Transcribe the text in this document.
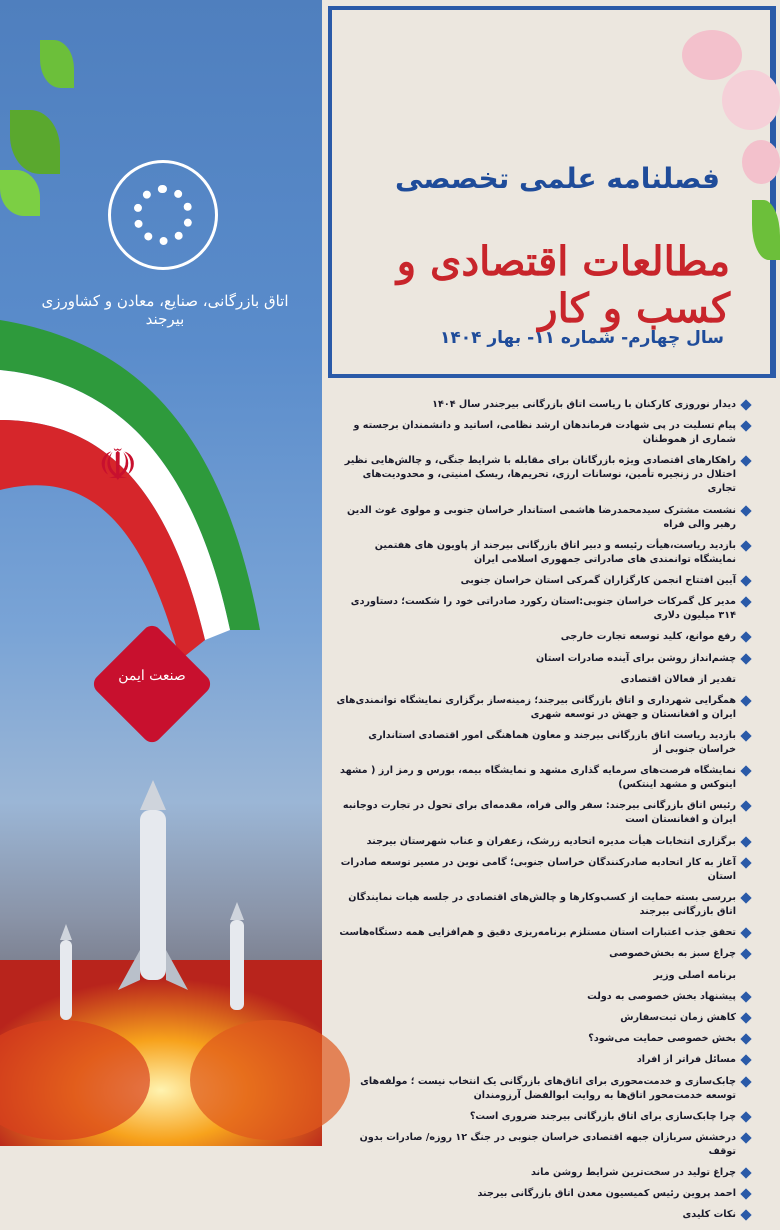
اتاق بازرگانی، صنایع، معادن و کشاورزی بیرجند
☫
صنعت ایمن
فصلنامه علمی تخصصی
مطالعات اقتصادی و کسب و کار
سال چهارم- شماره ۱۱- بهار ۱۴۰۴
دیدار نوروزی کارکنان با ریاست اتاق بازرگانی بیرجندر سال ۱۴۰۴
پیام تسلیت در پی شهادت فرماندهان ارشد نظامی، اساتید و دانشمندان برجسته و شماری از هموطنان
راهکارهای اقتصادی ویژه بازرگانان برای مقابله با شرایط جنگی، و چالش‌هایی نظیر اختلال در زنجیره تأمین، نوسانات ارزی، تحریم‌ها، ریسک امنیتی، و محدودیت‌های تجاری
نشست مشترک سیدمحمدرضا هاشمی استاندار خراسان جنوبی و مولوی غوث الدین رهبر والی فراه
بازدید ریاست،هیأت رئیسه و دبیر اتاق بازرگانی بیرجند از پاویون های هفتمین نمایشگاه توانمندی های صادراتی جمهوری اسلامی ایران
آیین افتتاح انجمن کارگزاران گمرکی استان خراسان جنوبی
مدیر کل گمرکات خراسان جنوبی:استان رکورد صادراتی خود را شکست؛ دستاوردی ۳۱۴ میلیون دلاری
رفع موانع، کلید توسعه تجارت خارجی
چشم‌انداز روشن برای آینده صادرات استان
تقدیر از فعالان اقتصادی
همگرایی شهرداری و اتاق بازرگانی بیرجند؛ زمینه‌ساز برگزاری نمایشگاه توانمندی‌های ایران و افغانستان و جهش در توسعه شهری
بازدید ریاست اتاق بازرگانی بیرجند و معاون هماهنگی امور اقتصادی استانداری خراسان جنوبی از
نمایشگاه فرصت‌های سرمایه گذاری مشهد و نمایشگاه بیمه، بورس و رمز ارز ( مشهد اینوکس و مشهد اینتکس)
رئیس اتاق بازرگانی بیرجند: سفر والی فراه، مقدمه‌ای برای تحول در تجارت دوجانبه ایران و افغانستان است
برگزاری انتخابات هیأت مدیره اتحادیه زرشک، زعفران و عناب شهرستان بیرجند
آغاز به کار اتحادیه صادرکنندگان خراسان جنوبی؛ گامی نوین در مسیر توسعه صادرات استان
بررسی بسته حمایت از کسب‌وکارها و چالش‌های اقتصادی در جلسه هیات نمایندگان اتاق بازرگانی بیرجند
تحقق جذب اعتبارات استان مستلزم برنامه‌ریزی دقیق و هم‌افزایی همه دستگاه‌هاست
چراغ سبز به بخش‌خصوصی
برنامه اصلی وزیر
پیشنهاد بخش خصوصی به دولت
کاهش زمان ثبت‌سفارش
بخش خصوصی حمایت می‌شود؟
مسائل فراتر از افراد
چابک‌سازی و خدمت‌محوری برای اتاق‌های بازرگانی یک انتخاب نیست ؛ مولفه‌های توسعه خدمت‌محور اتاق‌ها به روایت ابوالفضل آرزومندان
چرا چابک‌سازی برای اتاق بازرگانی بیرجند ضروری است؟
درخشش سربازان جبهه اقتصادی خراسان جنوبی در جنگ ۱۲ روزه/ صادرات بدون توقف
چراغ تولید در سخت‌ترین شرایط روشن ماند
احمد پروین رئیس کمیسیون معدن اتاق بازرگانی بیرجند
نکات کلیدی
